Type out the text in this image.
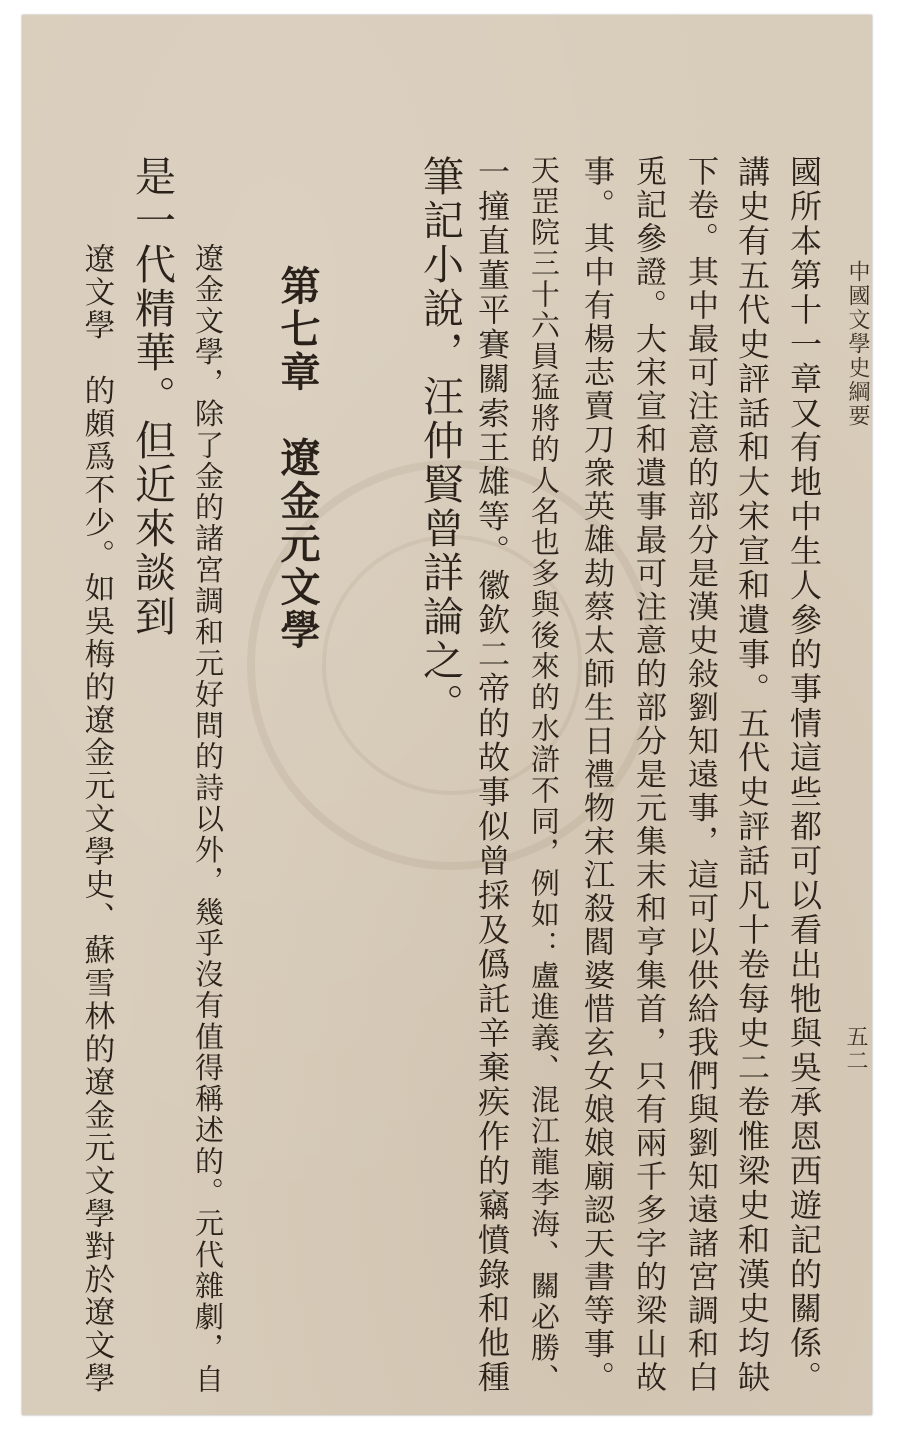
中國文學史綱要
五二
國所本第十一章又有地中生人參的事情這些都可以看出牠與吳承恩西遊記的關係。
講史有五代史評話和大宋宣和遺事。五代史評話凡十卷每史二卷惟梁史和漢史均缺
下卷。其中最可注意的部分是漢史敍劉知遠事，這可以供給我們與劉知遠諸宮調和白
兎記參證。大宋宣和遺事最可注意的部分是元集末和亨集首，只有兩千多字的梁山故
事。其中有楊志賣刀衆英雄劫蔡太師生日禮物宋江殺閻婆惜玄女娘娘廟認天書等事。
天罡院三十六員猛將的人名也多與後來的水滸不同，例如：盧進義、混江龍李海、關必勝、
一撞直董平賽關索王雄等。徽欽二帝的故事似曾採及僞託辛棄疾作的竊憤錄和他種
筆記小說，汪仲賢曾詳論之。
第七章　遼金元文學
遼金文學，除了金的諸宮調和元好問的詩以外，幾乎沒有值得稱述的。元代雜劇，自
是一代精華。但近來談到
遼文學　的頗爲不少。如吳梅的遼金元文學史、蘇雪林的遼金元文學對於遼文學
